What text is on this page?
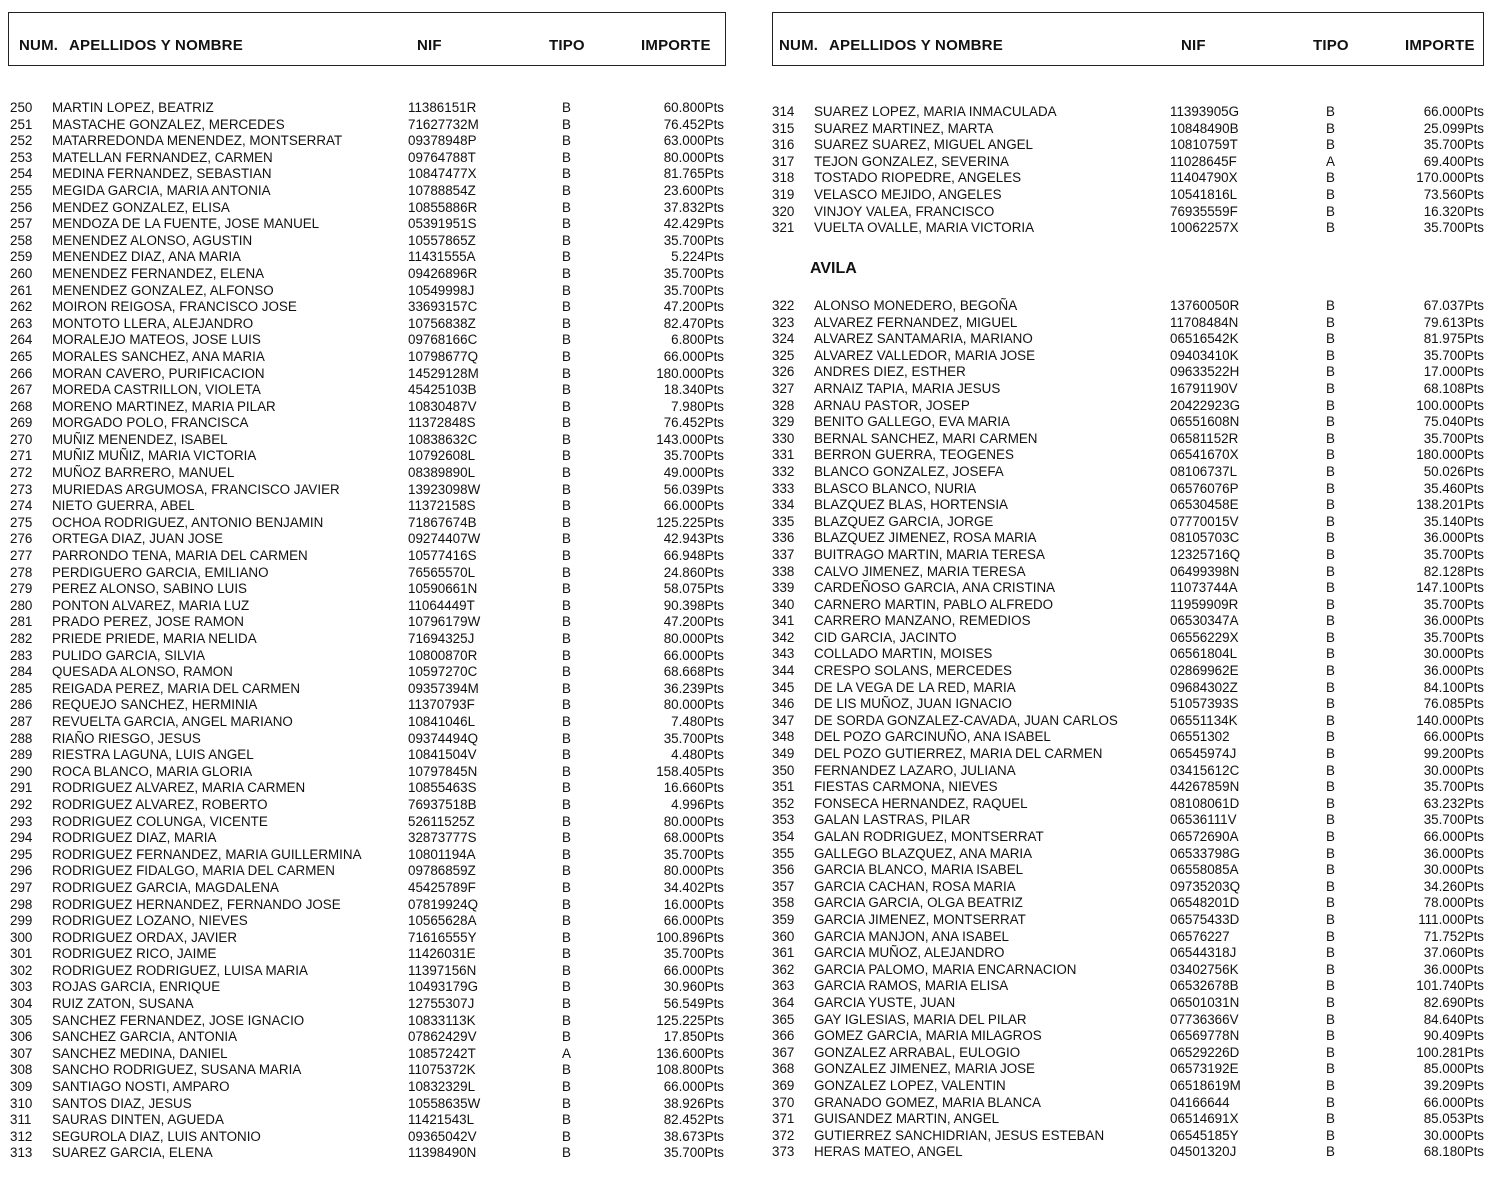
NUM. APELLIDOS Y NOMBRE	NIF	TIPO	IMPORTE
250 MARTIN LOPEZ, BEATRIZ	11386151R	B	60.800Pts
251 MASTACHE GONZALEZ, MERCEDES	71627732M	B	76.452Pts
252 MATARREDONDA MENENDEZ, MONTSERRAT	09378948P	B	63.000Pts
253 MATELLAN FERNANDEZ, CARMEN	09764788T	B	80.000Pts
254 MEDINA FERNANDEZ, SEBASTIAN	10847477X	B	81.765Pts
255 MEGIDA GARCIA, MARIA ANTONIA	10788854Z	B	23.600Pts
256 MENDEZ GONZALEZ, ELISA	10855886R	B	37.832Pts
257 MENDOZA DE LA FUENTE, JOSE MANUEL	05391951S	B	42.429Pts
258 MENENDEZ ALONSO, AGUSTIN	10557865Z	B	35.700Pts
259 MENENDEZ DIAZ, ANA MARIA	11431555A	B	5.224Pts
260 MENENDEZ FERNANDEZ, ELENA	09426896R	B	35.700Pts
261 MENENDEZ GONZALEZ, ALFONSO	10549998J	B	35.700Pts
262 MOIRON REIGOSA, FRANCISCO JOSE	33693157C	B	47.200Pts
263 MONTOTO LLERA, ALEJANDRO	10756838Z	B	82.470Pts
264 MORALEJO MATEOS, JOSE LUIS	09768166C	B	6.800Pts
265 MORALES SANCHEZ, ANA MARIA	10798677Q	B	66.000Pts
266 MORAN CAVERO, PURIFICACION	14529128M	B	180.000Pts
267 MOREDA CASTRILLON, VIOLETA	45425103B	B	18.340Pts
268 MORENO MARTINEZ, MARIA PILAR	10830487V	B	7.980Pts
269 MORGADO POLO, FRANCISCA	11372848S	B	76.452Pts
270 MUÑIZ MENENDEZ, ISABEL	10838632C	B	143.000Pts
271 MUÑIZ MUÑIZ, MARIA VICTORIA	10792608L	B	35.700Pts
272 MUÑOZ BARRERO, MANUEL	08389890L	B	49.000Pts
273 MURIEDAS ARGUMOSA, FRANCISCO JAVIER	13923098W	B	56.039Pts
274 NIETO GUERRA, ABEL	11372158S	B	66.000Pts
275 OCHOA RODRIGUEZ, ANTONIO BENJAMIN	71867674B	B	125.225Pts
276 ORTEGA DIAZ, JUAN JOSE	09274407W	B	42.943Pts
277 PARRONDO TENA, MARIA DEL CARMEN	10577416S	B	66.948Pts
278 PERDIGUERO GARCIA, EMILIANO	76565570L	B	24.860Pts
279 PEREZ ALONSO, SABINO LUIS	10590661N	B	58.075Pts
280 PONTON ALVAREZ, MARIA LUZ	11064449T	B	90.398Pts
281 PRADO PEREZ, JOSE RAMON	10796179W	B	47.200Pts
282 PRIEDE PRIEDE, MARIA NELIDA	71694325J	B	80.000Pts
283 PULIDO GARCIA, SILVIA	10800870R	B	66.000Pts
284 QUESADA ALONSO, RAMON	10597270C	B	68.668Pts
285 REIGADA PEREZ, MARIA DEL CARMEN	09357394M	B	36.239Pts
286 REQUEJO SANCHEZ, HERMINIA	11370793F	B	80.000Pts
287 REVUELTA GARCIA, ANGEL MARIANO	10841046L	B	7.480Pts
288 RIAÑO RIESGO, JESUS	09374494Q	B	35.700Pts
289 RIESTRA LAGUNA, LUIS ANGEL	10841504V	B	4.480Pts
290 ROCA BLANCO, MARIA GLORIA	10797845N	B	158.405Pts
291 RODRIGUEZ ALVAREZ, MARIA CARMEN	10855463S	B	16.660Pts
292 RODRIGUEZ ALVAREZ, ROBERTO	76937518B	B	4.996Pts
293 RODRIGUEZ COLUNGA, VICENTE	52611525Z	B	80.000Pts
294 RODRIGUEZ DIAZ, MARIA	32873777S	B	68.000Pts
295 RODRIGUEZ FERNANDEZ, MARIA GUILLERMINA	10801194A	B	35.700Pts
296 RODRIGUEZ FIDALGO, MARIA DEL CARMEN	09786859Z	B	80.000Pts
297 RODRIGUEZ GARCIA, MAGDALENA	45425789F	B	34.402Pts
298 RODRIGUEZ HERNANDEZ, FERNANDO JOSE	07819924Q	B	16.000Pts
299 RODRIGUEZ LOZANO, NIEVES	10565628A	B	66.000Pts
300 RODRIGUEZ ORDAX, JAVIER	71616555Y	B	100.896Pts
301 RODRIGUEZ RICO, JAIME	11426031E	B	35.700Pts
302 RODRIGUEZ RODRIGUEZ, LUISA MARIA	11397156N	B	66.000Pts
303 ROJAS GARCIA, ENRIQUE	10493179G	B	30.960Pts
304 RUIZ ZATON, SUSANA	12755307J	B	56.549Pts
305 SANCHEZ FERNANDEZ, JOSE IGNACIO	10833113K	B	125.225Pts
306 SANCHEZ GARCIA, ANTONIA	07862429V	B	17.850Pts
307 SANCHEZ MEDINA, DANIEL	10857242T	A	136.600Pts
308 SANCHO RODRIGUEZ, SUSANA MARIA	11075372K	B	108.800Pts
309 SANTIAGO NOSTI, AMPARO	10832329L	B	66.000Pts
310 SANTOS DIAZ, JESUS	10558635W	B	38.926Pts
311 SAURAS DINTEN, AGUEDA	11421543L	B	82.452Pts
312 SEGUROLA DIAZ, LUIS ANTONIO	09365042V	B	38.673Pts
313 SUAREZ GARCIA, ELENA	11398490N	B	35.700Pts
NUM. APELLIDOS Y NOMBRE	NIF	TIPO	IMPORTE
314 SUAREZ LOPEZ, MARIA INMACULADA	11393905G	B	66.000Pts
315 SUAREZ MARTINEZ, MARTA	10848490B	B	25.099Pts
316 SUAREZ SUAREZ, MIGUEL ANGEL	10810759T	B	35.700Pts
317 TEJON GONZALEZ, SEVERINA	11028645F	A	69.400Pts
318 TOSTADO RIOPEDRE, ANGELES	11404790X	B	170.000Pts
319 VELASCO MEJIDO, ANGELES	10541816L	B	73.560Pts
320 VINJOY VALEA, FRANCISCO	76935559F	B	16.320Pts
321 VUELTA OVALLE, MARIA VICTORIA	10062257X	B	35.700Pts
AVILA
322 ALONSO MONEDERO, BEGOÑA	13760050R	B	67.037Pts
323 ALVAREZ FERNANDEZ, MIGUEL	11708484N	B	79.613Pts
324 ALVAREZ SANTAMARIA, MARIANO	06516542K	B	81.975Pts
325 ALVAREZ VALLEDOR, MARIA JOSE	09403410K	B	35.700Pts
326 ANDRES DIEZ, ESTHER	09633522H	B	17.000Pts
327 ARNAIZ TAPIA, MARIA JESUS	16791190V	B	68.108Pts
328 ARNAU PASTOR, JOSEP	20422923G	B	100.000Pts
329 BENITO GALLEGO, EVA MARIA	06551608N	B	75.040Pts
330 BERNAL SANCHEZ, MARI CARMEN	06581152R	B	35.700Pts
331 BERRON GUERRA, TEOGENES	06541670X	B	180.000Pts
332 BLANCO GONZALEZ, JOSEFA	08106737L	B	50.026Pts
333 BLASCO BLANCO, NURIA	06576076P	B	35.460Pts
334 BLAZQUEZ BLAS, HORTENSIA	06530458E	B	138.201Pts
335 BLAZQUEZ GARCIA, JORGE	07770015V	B	35.140Pts
336 BLAZQUEZ JIMENEZ, ROSA MARIA	08105703C	B	36.000Pts
337 BUITRAGO MARTIN, MARIA TERESA	12325716Q	B	35.700Pts
338 CALVO JIMENEZ, MARIA TERESA	06499398N	B	82.128Pts
339 CARDEÑOSO GARCIA, ANA CRISTINA	11073744A	B	147.100Pts
340 CARNERO MARTIN, PABLO ALFREDO	11959909R	B	35.700Pts
341 CARRERO MANZANO, REMEDIOS	06530347A	B	36.000Pts
342 CID GARCIA, JACINTO	06556229X	B	35.700Pts
343 COLLADO MARTIN, MOISES	06561804L	B	30.000Pts
344 CRESPO SOLANS, MERCEDES	02869962E	B	36.000Pts
345 DE LA VEGA DE LA RED, MARIA	09684302Z	B	84.100Pts
346 DE LIS MUÑOZ, JUAN IGNACIO	51057393S	B	76.085Pts
347 DE SORDA GONZALEZ-CAVADA, JUAN CARLOS	06551134K	B	140.000Pts
348 DEL POZO GARCINUÑO, ANA ISABEL	06551302	B	66.000Pts
349 DEL POZO GUTIERREZ, MARIA DEL CARMEN	06545974J	B	99.200Pts
350 FERNANDEZ LAZARO, JULIANA	03415612C	B	30.000Pts
351 FIESTAS CARMONA, NIEVES	44267859N	B	35.700Pts
352 FONSECA HERNANDEZ, RAQUEL	08108061D	B	63.232Pts
353 GALAN LASTRAS, PILAR	06536111V	B	35.700Pts
354 GALAN RODRIGUEZ, MONTSERRAT	06572690A	B	66.000Pts
355 GALLEGO BLAZQUEZ, ANA MARIA	06533798G	B	36.000Pts
356 GARCIA BLANCO, MARIA ISABEL	06558085A	B	30.000Pts
357 GARCIA CACHAN, ROSA MARIA	09735203Q	B	34.260Pts
358 GARCIA GARCIA, OLGA BEATRIZ	06548201D	B	78.000Pts
359 GARCIA JIMENEZ, MONTSERRAT	06575433D	B	111.000Pts
360 GARCIA MANJON, ANA ISABEL	06576227	B	71.752Pts
361 GARCIA MUÑOZ, ALEJANDRO	06544318J	B	37.060Pts
362 GARCIA PALOMO, MARIA ENCARNACION	03402756K	B	36.000Pts
363 GARCIA RAMOS, MARIA ELISA	06532678B	B	101.740Pts
364 GARCIA YUSTE, JUAN	06501031N	B	82.690Pts
365 GAY IGLESIAS, MARIA DEL PILAR	07736366V	B	84.640Pts
366 GOMEZ GARCIA, MARIA MILAGROS	06569778N	B	90.409Pts
367 GONZALEZ ARRABAL, EULOGIO	06529226D	B	100.281Pts
368 GONZALEZ JIMENEZ, MARIA JOSE	06573192E	B	85.000Pts
369 GONZALEZ LOPEZ, VALENTIN	06518619M	B	39.209Pts
370 GRANADO GOMEZ, MARIA BLANCA	04166644	B	66.000Pts
371 GUISANDEZ MARTIN, ANGEL	06514691X	B	85.053Pts
372 GUTIERREZ SANCHIDRIAN, JESUS ESTEBAN	06545185Y	B	30.000Pts
373 HERAS MATEO, ANGEL	04501320J	B	68.180Pts
